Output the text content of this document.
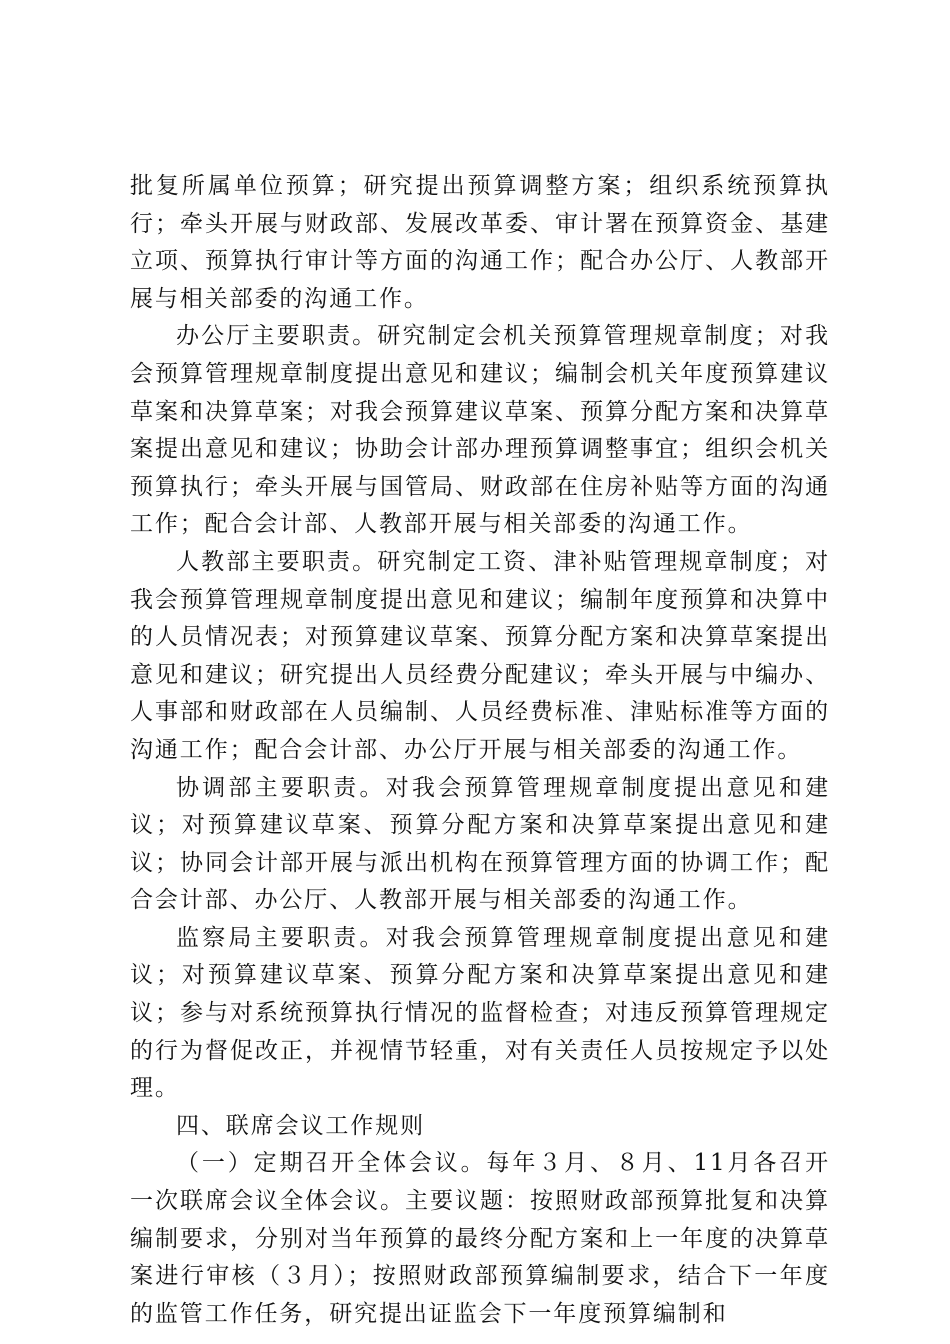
批复所属单位预算；研究提出预算调整方案；组织系统预算执行；牵头开展与财政部、发展改革委、审计署在预算资金、基建立项、预算执行审计等方面的沟通工作；配合办公厅、人教部开展与相关部委的沟通工作。

办公厅主要职责。研究制定会机关预算管理规章制度；对我会预算管理规章制度提出意见和建议；编制会机关年度预算建议草案和决算草案；对我会预算建议草案、预算分配方案和决算草案提出意见和建议；协助会计部办理预算调整事宜；组织会机关预算执行；牵头开展与国管局、财政部在住房补贴等方面的沟通工作；配合会计部、人教部开展与相关部委的沟通工作。

人教部主要职责。研究制定工资、津补贴管理规章制度；对我会预算管理规章制度提出意见和建议；编制年度预算和决算中的人员情况表；对预算建议草案、预算分配方案和决算草案提出意见和建议；研究提出人员经费分配建议；牵头开展与中编办、人事部和财政部在人员编制、人员经费标准、津贴标准等方面的沟通工作；配合会计部、办公厅开展与相关部委的沟通工作。

协调部主要职责。对我会预算管理规章制度提出意见和建议；对预算建议草案、预算分配方案和决算草案提出意见和建议；协同会计部开展与派出机构在预算管理方面的协调工作；配合会计部、办公厅、人教部开展与相关部委的沟通工作。

监察局主要职责。对我会预算管理规章制度提出意见和建议；对预算建议草案、预算分配方案和决算草案提出意见和建议；参与对系统预算执行情况的监督检查；对违反预算管理规定的行为督促改正，并视情节轻重，对有关责任人员按规定予以处理。

四、联席会议工作规则

（一）定期召开全体会议。每年３月、８月、11月各召开一次联席会议全体会议。主要议题：按照财政部预算批复和决算编制要求，分别对当年预算的最终分配方案和上一年度的决算草案进行审核（３月）；按照财政部预算编制要求，结合下一年度的监管工作任务，研究提出证监会下一年度预算编制和
